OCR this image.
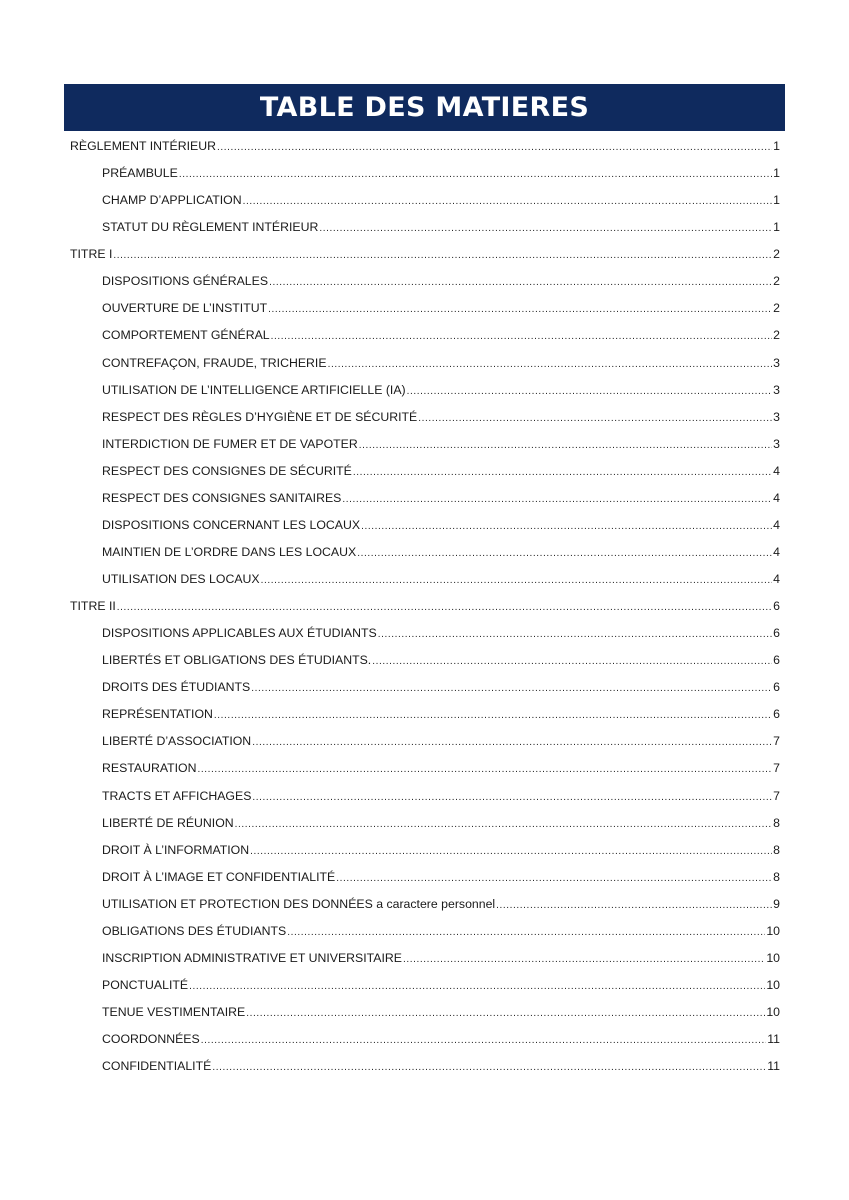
TABLE DES MATIERES
RÈGLEMENT INTÉRIEUR .....	1
PRÉAMBULE .....	1
CHAMP D’APPLICATION .....	1
STATUT DU RÈGLEMENT INTÉRIEUR .....	1
TITRE I .....	2
DISPOSITIONS GÉNÉRALES .....	2
OUVERTURE DE L’INSTITUT .....	2
COMPORTEMENT GÉNÉRAL .....	2
CONTREFAÇON, FRAUDE, TRICHERIE .....	3
UTILISATION DE L’INTELLIGENCE ARTIFICIELLE (IA) .....	3
RESPECT DES RÈGLES D’HYGIÈNE ET DE SÉCURITÉ .....	3
INTERDICTION DE FUMER ET DE VAPOTER .....	3
RESPECT DES CONSIGNES DE SÉCURITÉ .....	4
RESPECT DES CONSIGNES SANITAIRES .....	4
DISPOSITIONS CONCERNANT LES LOCAUX .....	4
MAINTIEN DE L’ORDRE DANS LES LOCAUX .....	4
UTILISATION DES LOCAUX .....	4
TITRE II .....	6
DISPOSITIONS APPLICABLES AUX ÉTUDIANTS .....	6
LIBERTÉS ET OBLIGATIONS DES ÉTUDIANTS. .....	6
DROITS DES ÉTUDIANTS .....	6
REPRÉSENTATION .....	6
LIBERTÉ D’ASSOCIATION .....	7
RESTAURATION .....	7
TRACTS ET AFFICHAGES .....	7
LIBERTÉ DE RÉUNION .....	8
DROIT À L’INFORMATION .....	8
DROIT À L’IMAGE ET CONFIDENTIALITÉ .....	8
UTILISATION ET PROTECTION DES DONNÉES a caractere personnel .....	9
OBLIGATIONS DES ÉTUDIANTS .....	10
INSCRIPTION ADMINISTRATIVE ET UNIVERSITAIRE .....	10
PONCTUALITÉ .....	10
TENUE VESTIMENTAIRE .....	10
COORDONNÉES .....	11
CONFIDENTIALITÉ .....	11
